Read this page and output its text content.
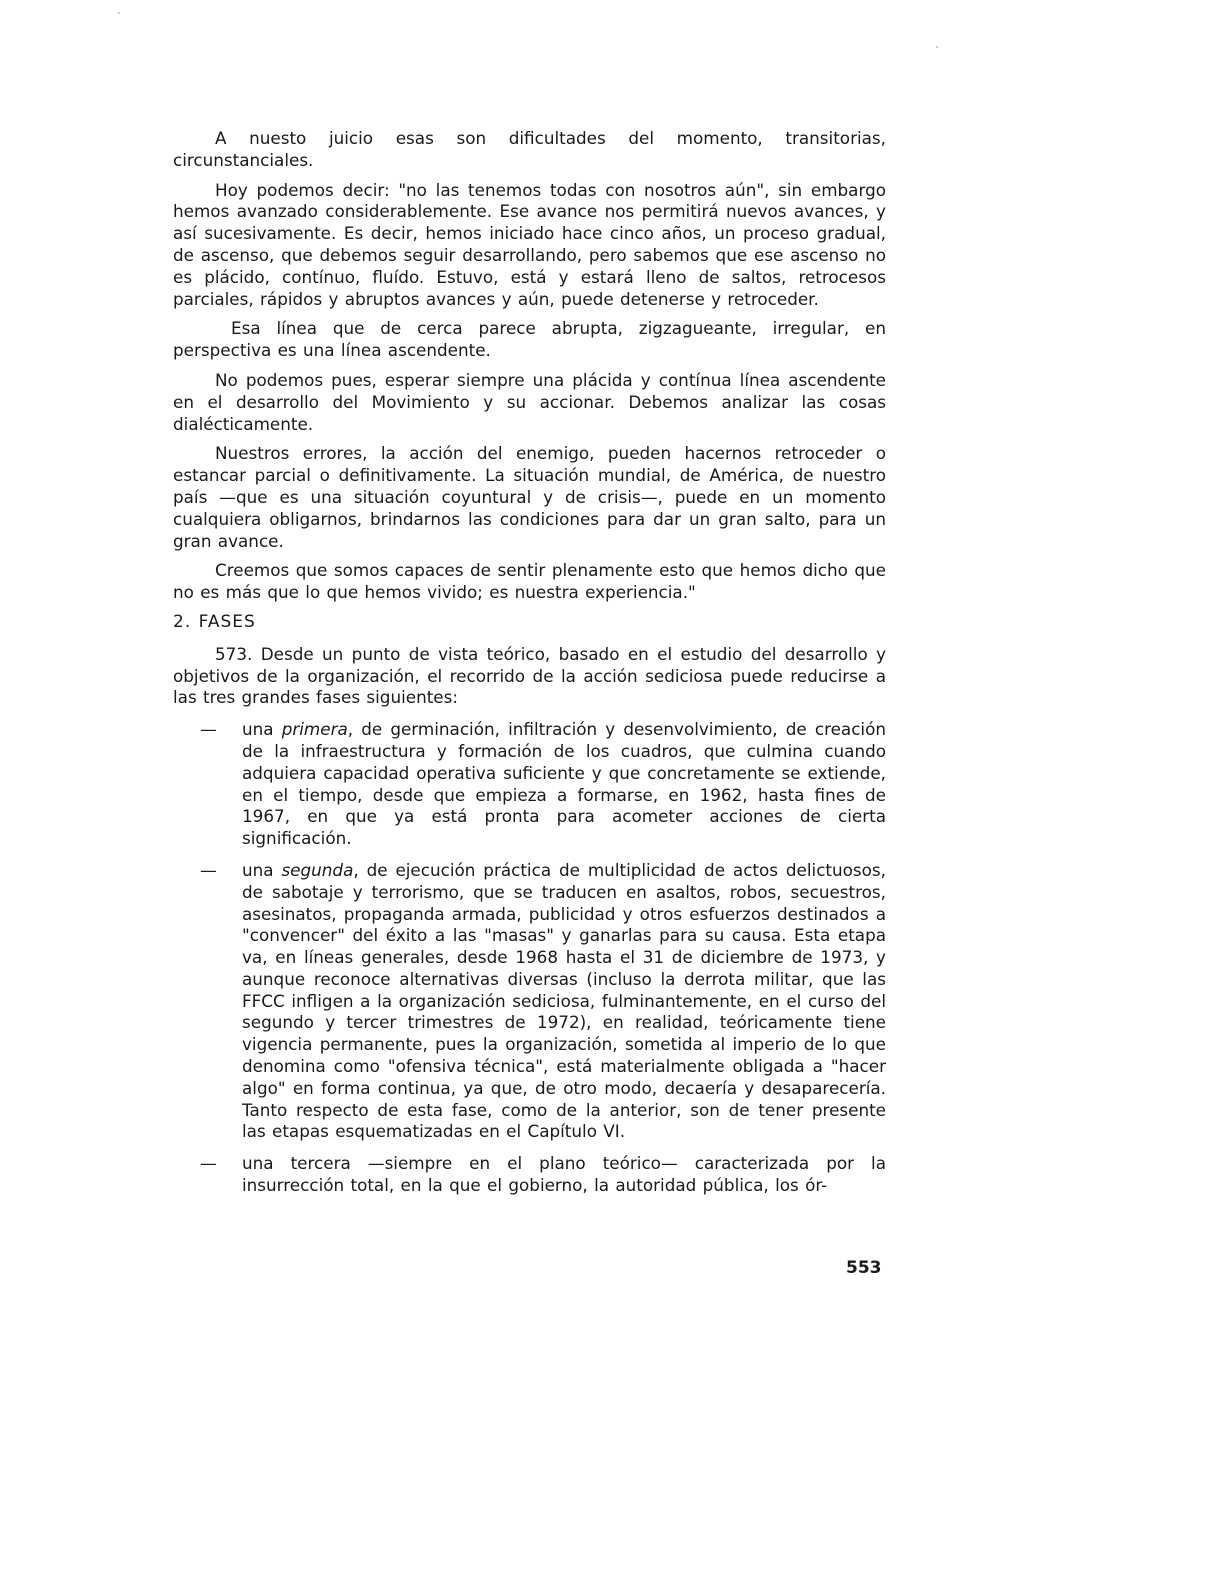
A nuesto juicio esas son dificultades del momento, transitorias, circunstanciales.

Hoy podemos decir: "no las tenemos todas con nosotros aún", sin embargo hemos avanzado considerablemente. Ese avance nos permitirá nuevos avances, y así sucesivamente. Es decir, hemos iniciado hace cinco años, un proceso gradual, de ascenso, que debemos seguir desarrollando, pero sabemos que ese ascenso no es plácido, contínuo, fluído. Estuvo, está y estará lleno de saltos, retrocesos parciales, rápidos y abruptos avances y aún, puede detenerse y retroceder.

Esa línea que de cerca parece abrupta, zigzagueante, irregular, en perspectiva es una línea ascendente.

No podemos pues, esperar siempre una plácida y contínua línea ascendente en el desarrollo del Movimiento y su accionar. Debemos analizar las cosas dialécticamente.

Nuestros errores, la acción del enemigo, pueden hacernos retroceder o estancar parcial o definitivamente. La situación mundial, de América, de nuestro país —que es una situación coyuntural y de crisis—, puede en un momento cualquiera obligarnos, brindarnos las condiciones para dar un gran salto, para un gran avance.

Creemos que somos capaces de sentir plenamente esto que hemos dicho que no es más que lo que hemos vivido; es nuestra experiencia."

2. FASES

573. Desde un punto de vista teórico, basado en el estudio del desarrollo y objetivos de la organización, el recorrido de la acción sediciosa puede reducirse a las tres grandes fases siguientes:

— una primera, de germinación, infiltración y desenvolvimiento, de creación de la infraestructura y formación de los cuadros, que culmina cuando adquiera capacidad operativa suficiente y que concretamente se extiende, en el tiempo, desde que empieza a formarse, en 1962, hasta fines de 1967, en que ya está pronta para acometer acciones de cierta significación.
— una segunda, de ejecución práctica de multiplicidad de actos delictuosos, de sabotaje y terrorismo, que se traducen en asaltos, robos, secuestros, asesinatos, propaganda armada, publicidad y otros esfuerzos destinados a "convencer" del éxito a las "masas" y ganarlas para su causa. Esta etapa va, en líneas generales, desde 1968 hasta el 31 de diciembre de 1973, y aunque reconoce alternativas diversas (incluso la derrota militar, que las FFCC infligen a la organización sediciosa, fulminantemente, en el curso del segundo y tercer trimestres de 1972), en realidad, teóricamente tiene vigencia permanente, pues la organización, sometida al imperio de lo que denomina como "ofensiva técnica", está materialmente obligada a "hacer algo" en forma continua, ya que, de otro modo, decaería y desaparecería. Tanto respecto de esta fase, como de la anterior, son de tener presente las etapas esquematizadas en el Capítulo VI.
— una tercera —siempre en el plano teórico— caracterizada por la insurrección total, en la que el gobierno, la autoridad pública, los ór-
553
